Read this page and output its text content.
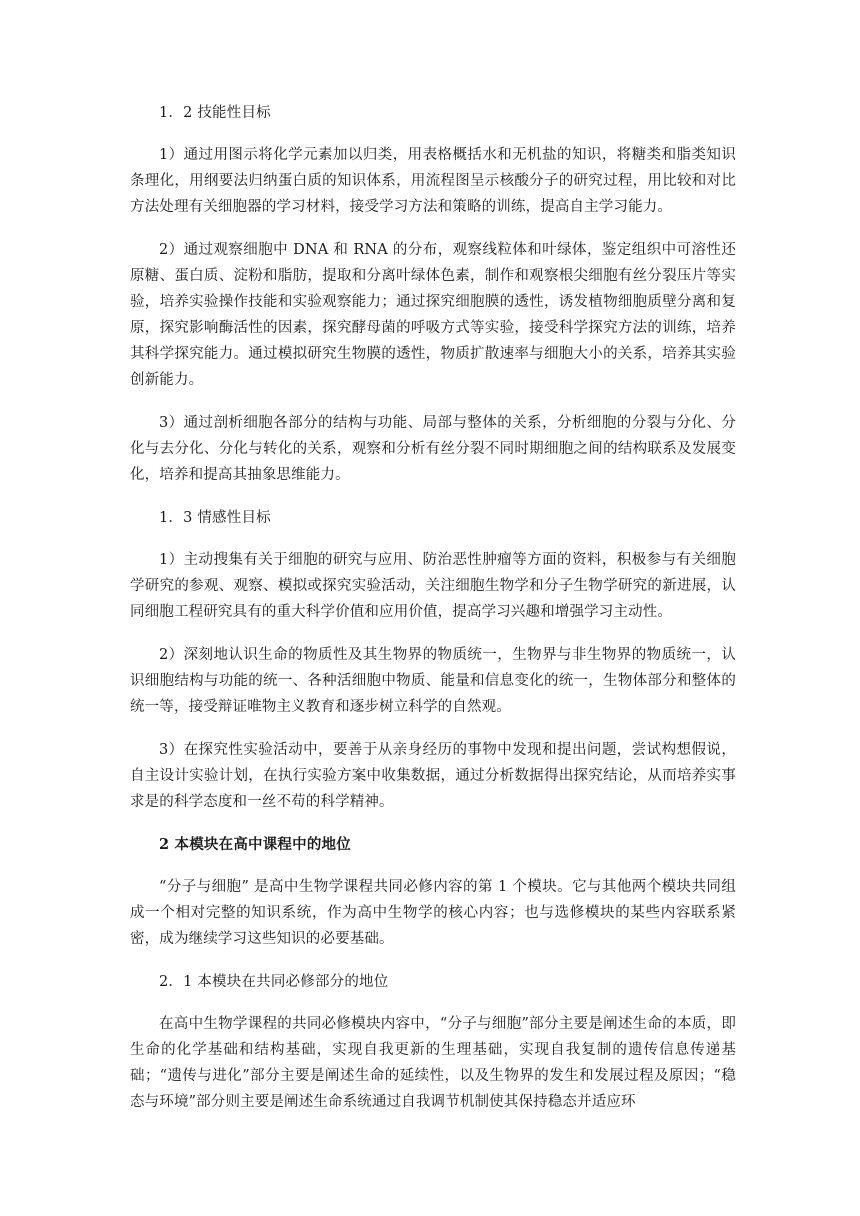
1．2 技能性目标

1）通过用图示将化学元素加以归类，用表格概括水和无机盐的知识，将糖类和脂类知识条理化，用纲要法归纳蛋白质的知识体系，用流程图呈示核酸分子的研究过程，用比较和对比方法处理有关细胞器的学习材料，接受学习方法和策略的训练，提高自主学习能力。

2）通过观察细胞中 DNA 和 RNA 的分布，观察线粒体和叶绿体，鉴定组织中可溶性还原糖、蛋白质、淀粉和脂肪，提取和分离叶绿体色素，制作和观察根尖细胞有丝分裂压片等实验，培养实验操作技能和实验观察能力；通过探究细胞膜的透性，诱发植物细胞质壁分离和复原，探究影响酶活性的因素，探究酵母菌的呼吸方式等实验，接受科学探究方法的训练，培养其科学探究能力。通过模拟研究生物膜的透性，物质扩散速率与细胞大小的关系，培养其实验创新能力。

3）通过剖析细胞各部分的结构与功能、局部与整体的关系，分析细胞的分裂与分化、分化与去分化、分化与转化的关系，观察和分析有丝分裂不同时期细胞之间的结构联系及发展变化，培养和提高其抽象思维能力。

1．3 情感性目标

1）主动搜集有关于细胞的研究与应用、防治恶性肿瘤等方面的资料，积极参与有关细胞学研究的参观、观察、模拟或探究实验活动，关注细胞生物学和分子生物学研究的新进展，认同细胞工程研究具有的重大科学价值和应用价值，提高学习兴趣和增强学习主动性。

2）深刻地认识生命的物质性及其生物界的物质统一，生物界与非生物界的物质统一，认识细胞结构与功能的统一、各种活细胞中物质、能量和信息变化的统一，生物体部分和整体的统一等，接受辩证唯物主义教育和逐步树立科学的自然观。

3）在探究性实验活动中，要善于从亲身经历的事物中发现和提出问题，尝试构想假说，自主设计实验计划，在执行实验方案中收集数据，通过分析数据得出探究结论，从而培养实事求是的科学态度和一丝不苟的科学精神。

2 本模块在高中课程中的地位

“分子与细胞” 是高中生物学课程共同必修内容的第 1 个模块。它与其他两个模块共同组成一个相对完整的知识系统，作为高中生物学的核心内容；也与选修模块的某些内容联系紧密，成为继续学习这些知识的必要基础。

2．1 本模块在共同必修部分的地位

在高中生物学课程的共同必修模块内容中，“分子与细胞”部分主要是阐述生命的本质，即生命的化学基础和结构基础，实现自我更新的生理基础，实现自我复制的遗传信息传递基础；“遗传与进化”部分主要是阐述生命的延续性，以及生物界的发生和发展过程及原因；“稳态与环境”部分则主要是阐述生命系统通过自我调节机制使其保持稳态并适应环
